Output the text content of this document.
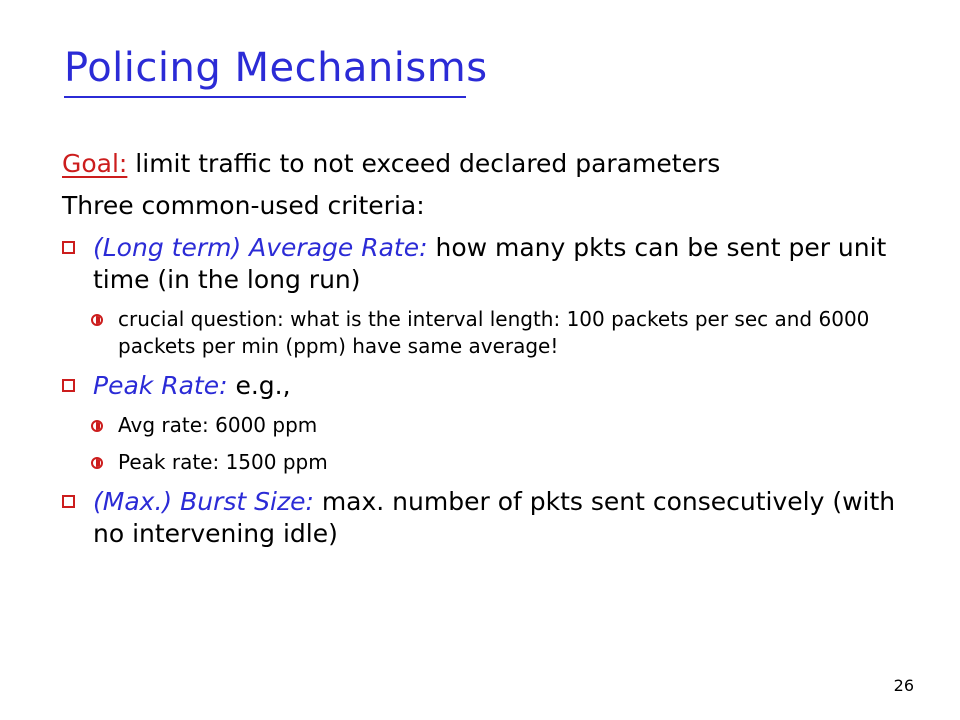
Policing Mechanisms

Goal: limit traffic to not exceed declared parameters

Three common-used criteria:

(Long term) Average Rate: how many pkts can be sent per unit time (in the long run)
crucial question: what is the interval length: 100 packets per sec and 6000 packets per min (ppm) have same average!
Peak Rate: e.g.,
Avg rate: 6000 ppm
Peak rate: 1500 ppm
(Max.) Burst Size: max. number of pkts sent consecutively (with no intervening idle)
26
